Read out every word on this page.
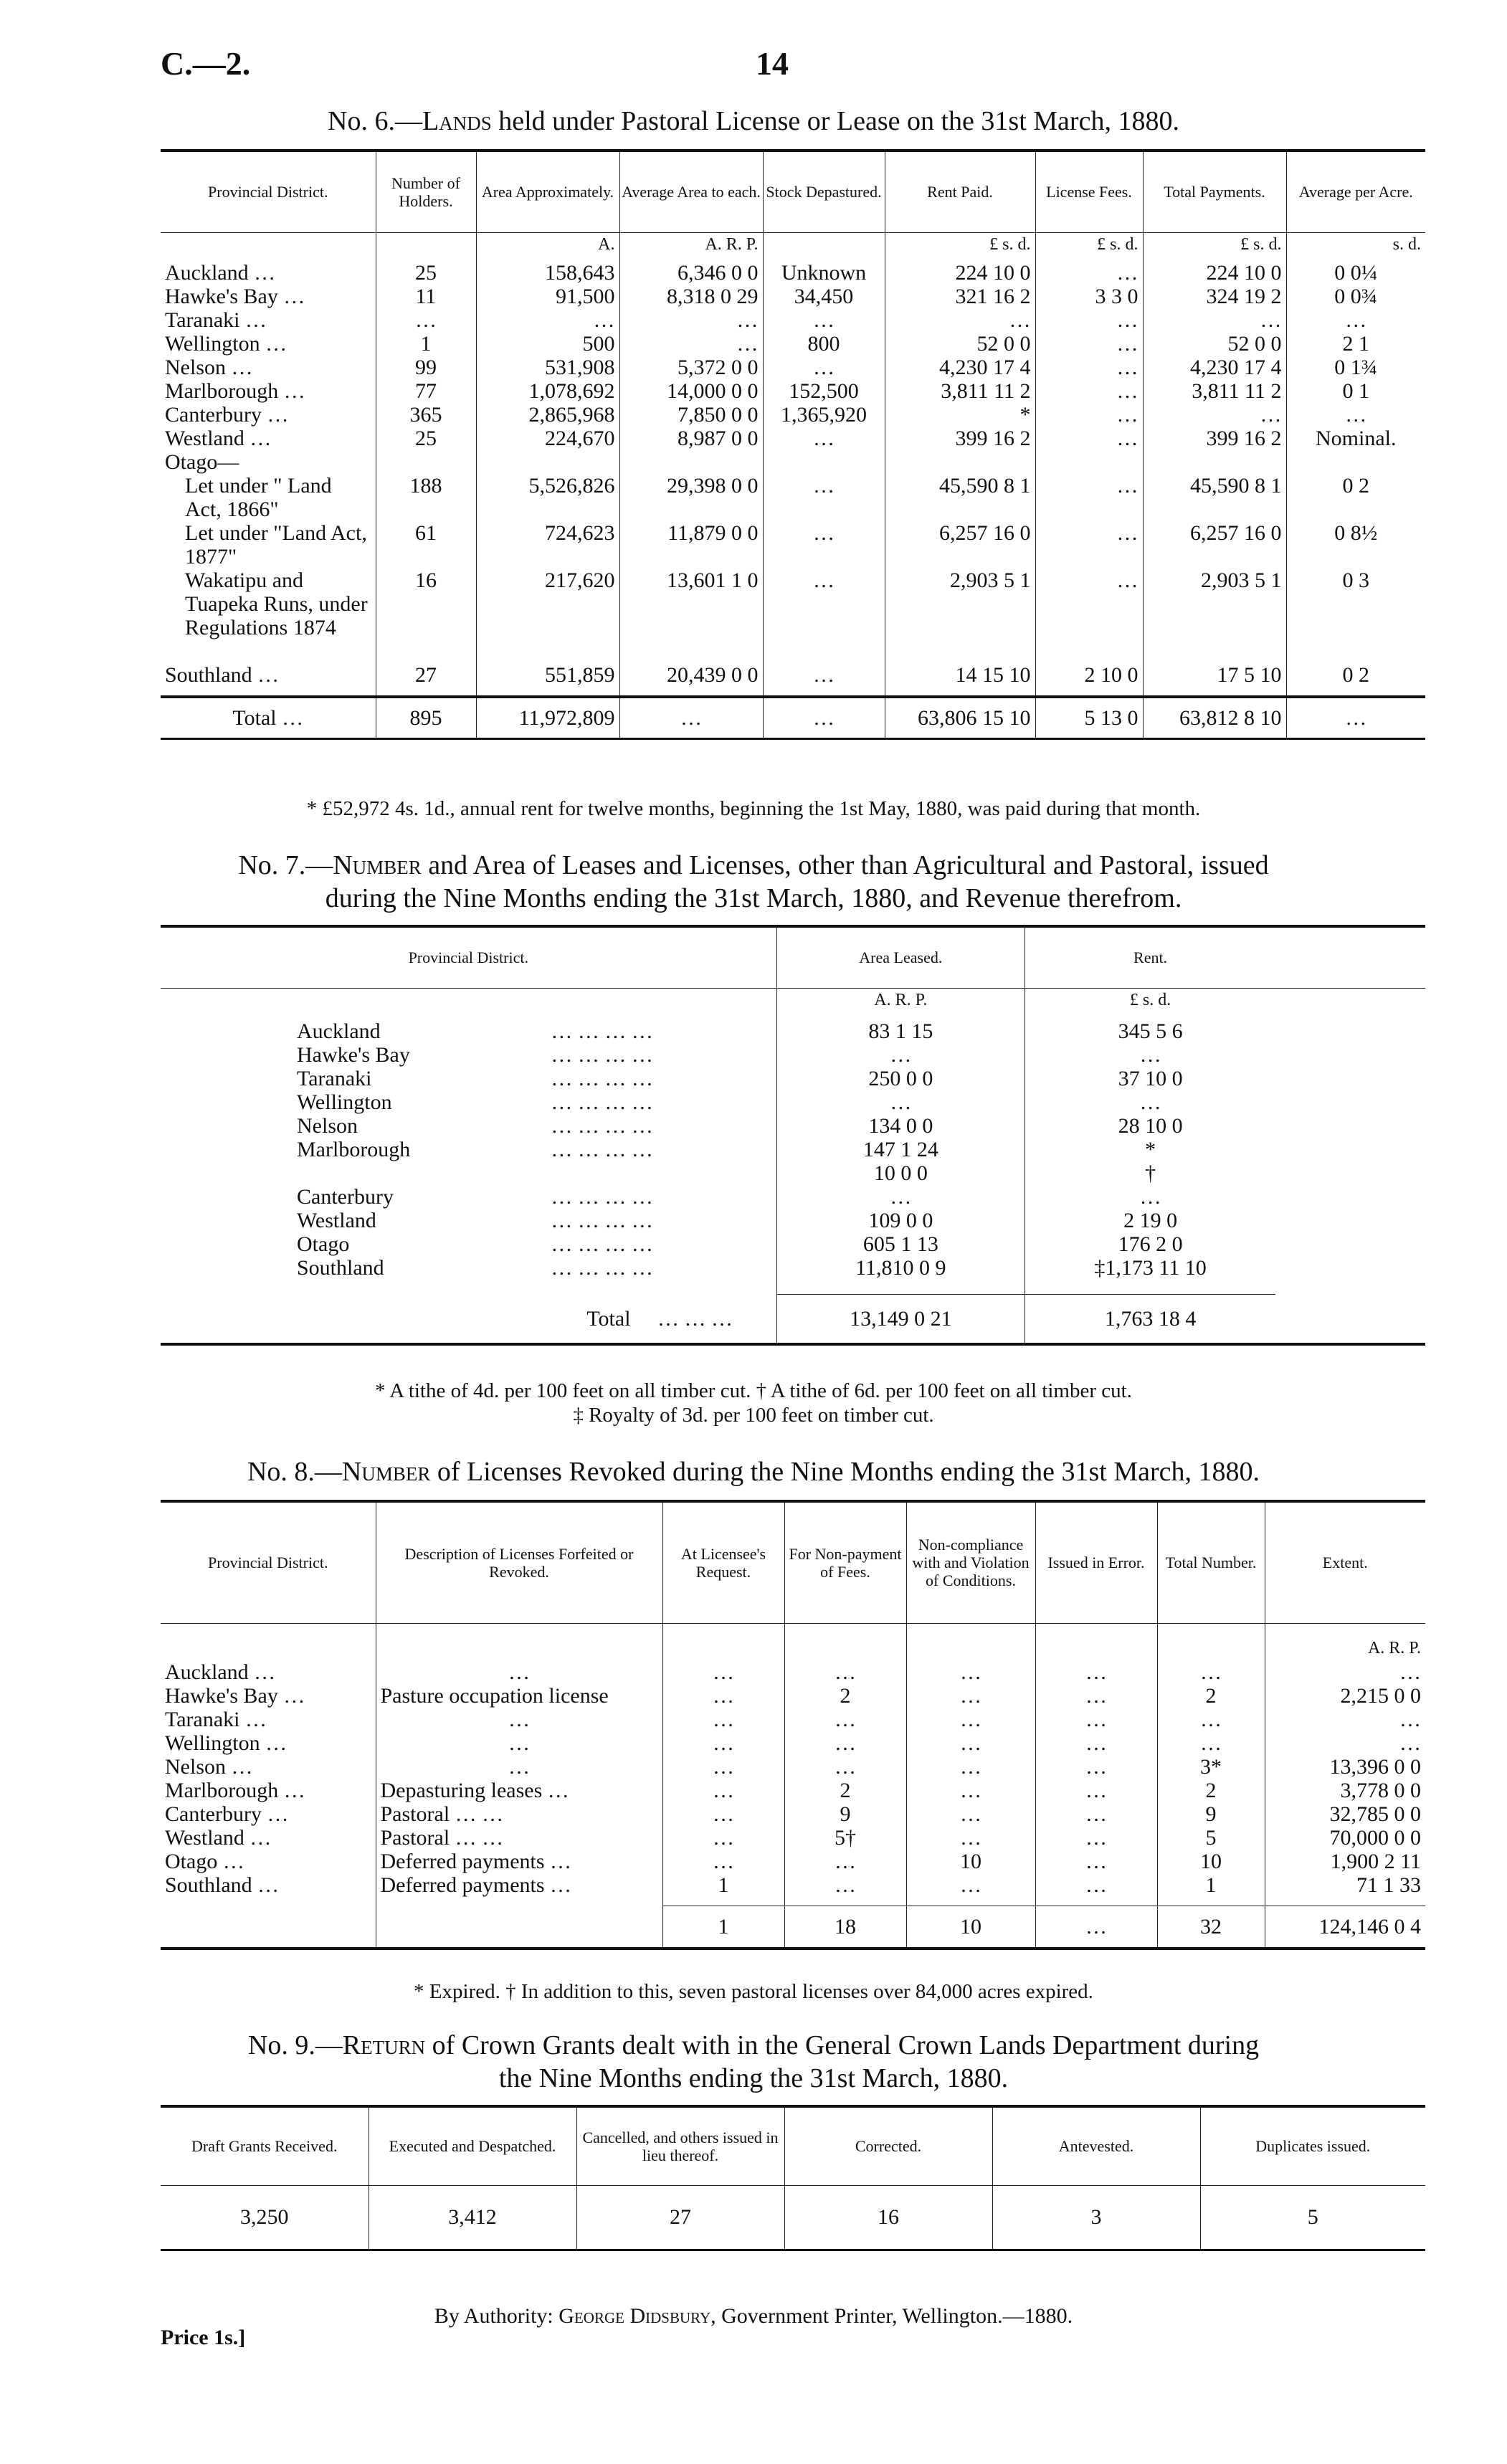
C.—2.	14
No. 6.—Lands held under Pastoral License or Lease on the 31st March, 1880.
Provincial District.	Number of Holders.	Area Approximately.	Average Area to each.	Stock Depastured.	Rent Paid.	License Fees.	Total Payments.	Average per Acre.
		A.	A. R. P.		£ s. d.	£ s. d.	£ s. d.	s. d.
Auckland …	25	158,643	6,346 0 0	Unknown	224 10 0	…	224 10 0	0 0¼
Hawke's Bay …	11	91,500	8,318 0 29	34,450	321 16 2	3 3 0	324 19 2	0 0¾
Taranaki …	…	…	…	…	…	…	…	…
Wellington …	1	500	…	800	52 0 0	…	52 0 0	2 1
Nelson …	99	531,908	5,372 0 0	…	4,230 17 4	…	4,230 17 4	0 1¾
Marlborough …	77	1,078,692	14,000 0 0	152,500	3,811 11 2	…	3,811 11 2	0 1
Canterbury …	365	2,865,968	7,850 0 0	1,365,920	*	…	…	…
Westland …	25	224,670	8,987 0 0	…	399 16 2	…	399 16 2	Nominal.
Otago—								
Let under " Land Act, 1866"	188	5,526,826	29,398 0 0	…	45,590 8 1	…	45,590 8 1	0 2
Let under "Land Act, 1877"	61	724,623	11,879 0 0	…	6,257 16 0	…	6,257 16 0	0 8½
Wakatipu and Tuapeka Runs, under Regulations 1874	16	217,620	13,601 1 0	…	2,903 5 1	…	2,903 5 1	0 3
Southland …	27	551,859	20,439 0 0	…	14 15 10	2 10 0	17 5 10	0 2

Total …	895	11,972,809	…	…	63,806 15 10	5 13 0	63,812 8 10	…
* £52,972 4s. 1d., annual rent for twelve months, beginning the 1st May, 1880, was paid during that month.
No. 7.—Number and Area of Leases and Licenses, other than Agricultural and Pastoral, issued
during the Nine Months ending the 31st March, 1880, and Revenue therefrom.
Provincial District.		Area Leased.	Rent.	
		A. R. P.	£ s. d.	
Auckland	… … … …	83 1 15	345 5 6	
Hawke's Bay	… … … …	…	…	
Taranaki	… … … …	250 0 0	37 10 0	
Wellington	… … … …	…	…	
Nelson	… … … …	134 0 0	28 10 0	
Marlborough	… … … …	147 1 24	*	
		10 0 0	†	
Canterbury	… … … …	…	…	
Westland	… … … …	109 0 0	2 19 0	
Otago	… … … …	605 1 13	176 2 0	
Southland	… … … …	11,810 0 9	‡1,173 11 10	

	Total … … …	13,149 0 21	1,763 18 4	

* A tithe of 4d. per 100 feet on all timber cut. † A tithe of 6d. per 100 feet on all timber cut.
‡ Royalty of 3d. per 100 feet on timber cut.
No. 8.—Number of Licenses Revoked during the Nine Months ending the 31st March, 1880.
Provincial District.	Description of Licenses Forfeited or Revoked.	At Licensee's Request.	For Non-payment of Fees.	Non-compliance with and Violation of Conditions.	Issued in Error.	Total Number.	Extent.
							A. R. P.
Auckland …	…	…	…	…	…	…	…
Hawke's Bay …	Pasture occupation license	…	2	…	…	2	2,215 0 0
Taranaki …	…	…	…	…	…	…	…
Wellington …	…	…	…	…	…	…	…
Nelson …	…	…	…	…	…	3*	13,396 0 0
Marlborough …	Depasturing leases …	…	2	…	…	2	3,778 0 0
Canterbury …	Pastoral … …	…	9	…	…	9	32,785 0 0
Westland …	Pastoral … …	…	5†	…	…	5	70,000 0 0
Otago …	Deferred payments …	…	…	10	…	10	1,900 2 11
Southland …	Deferred payments …	1	…	…	…	1	71 1 33

		1	18	10	…	32	124,146 0 4

* Expired. † In addition to this, seven pastoral licenses over 84,000 acres expired.
No. 9.—Return of Crown Grants dealt with in the General Crown Lands Department during
the Nine Months ending the 31st March, 1880.
Draft Grants Received.	Executed and Despatched.	Cancelled, and others issued in lieu thereof.	Corrected.	Antevested.	Duplicates issued.
3,250	3,412	27	16	3	5
By Authority: George Didsbury, Government Printer, Wellington.—1880.
Price 1s.]
